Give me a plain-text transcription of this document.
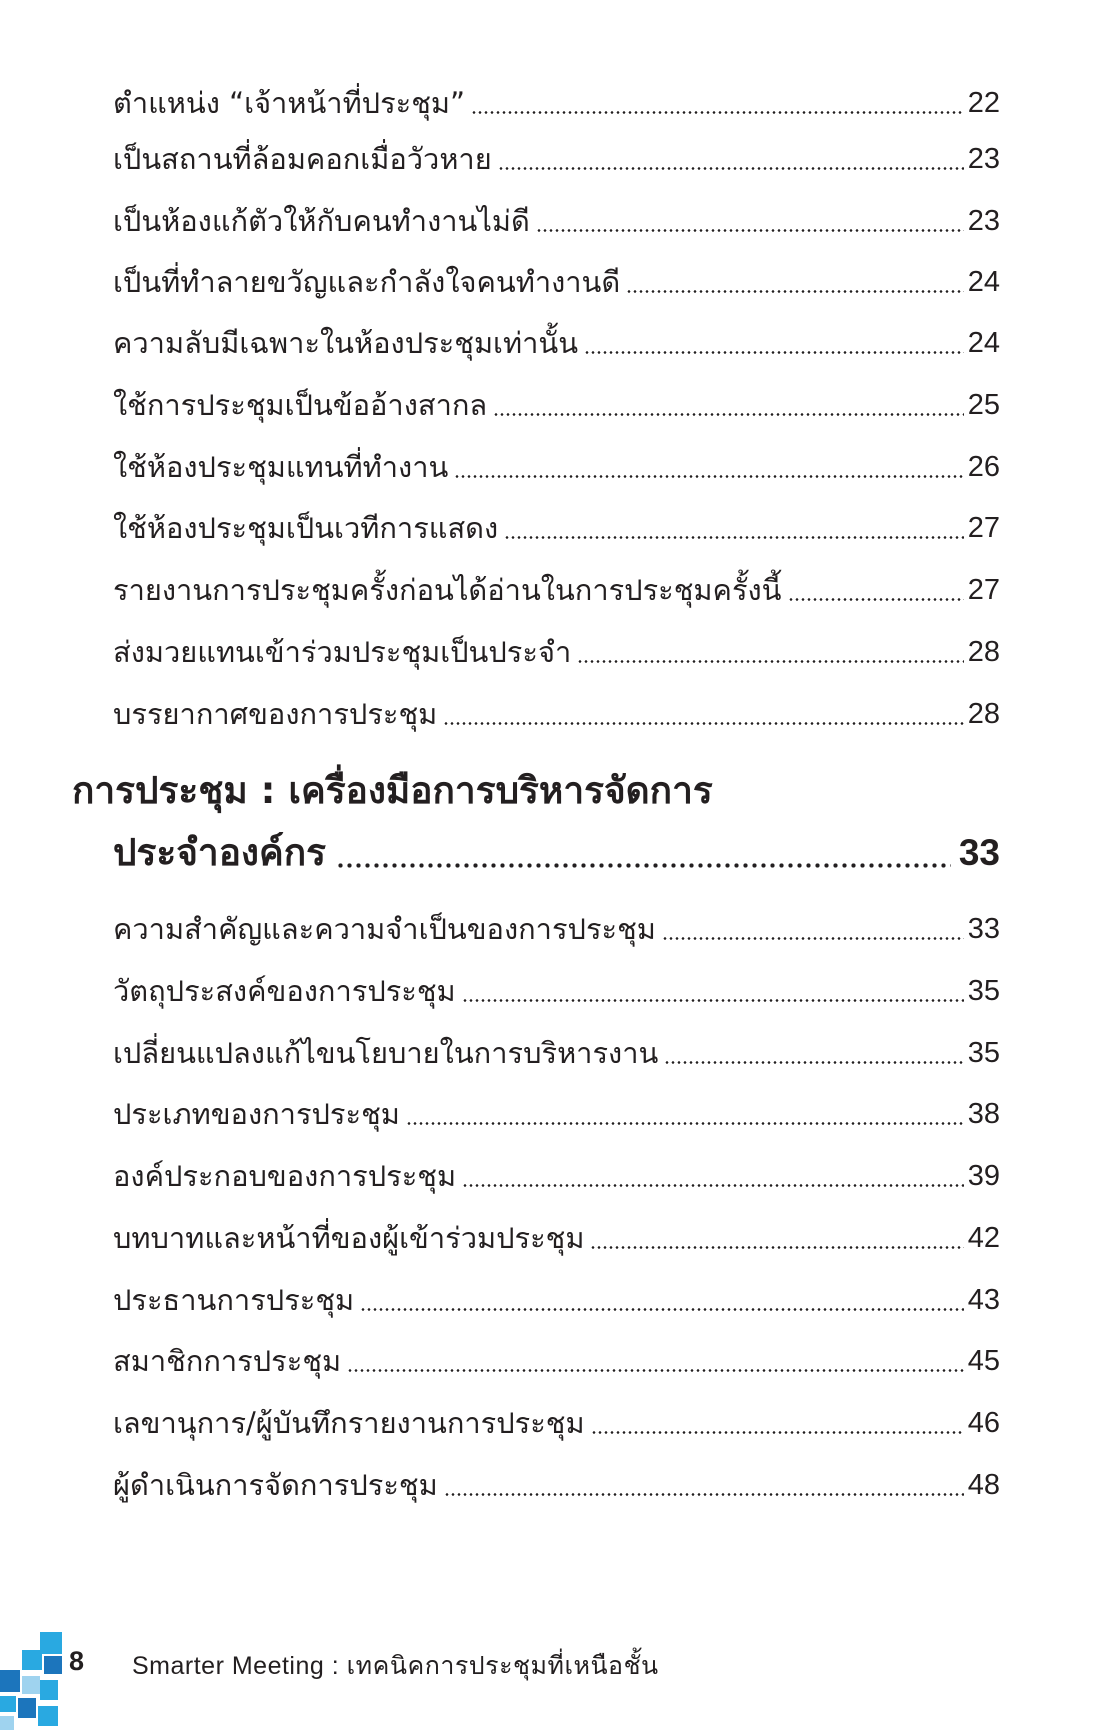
ตำแหน่ง “เจ้าหน้าที่ประชุม”	22
เป็นสถานที่ล้อมคอกเมื่อวัวหาย	23
เป็นห้องแก้ตัวให้กับคนทำงานไม่ดี	23
เป็นที่ทำลายขวัญและกำลังใจคนทำงานดี	24
ความลับมีเฉพาะในห้องประชุมเท่านั้น	24
ใช้การประชุมเป็นข้ออ้างสากล	25
ใช้ห้องประชุมแทนที่ทำงาน	26
ใช้ห้องประชุมเป็นเวทีการแสดง	27
รายงานการประชุมครั้งก่อนได้อ่านในการประชุมครั้งนี้	27
ส่งมวยแทนเข้าร่วมประชุมเป็นประจำ	28
บรรยากาศของการประชุม	28
การประชุม : เครื่องมือการบริหารจัดการ
ประจำองค์กร	33
ความสำคัญและความจำเป็นของการประชุม	33
วัตถุประสงค์ของการประชุม	35
เปลี่ยนแปลงแก้ไขนโยบายในการบริหารงาน	35
ประเภทของการประชุม	38
องค์ประกอบของการประชุม	39
บทบาทและหน้าที่ของผู้เข้าร่วมประชุม	42
ประธานการประชุม	43
สมาชิกการประชุม	45
เลขานุการ/ผู้บันทึกรายงานการประชุม	46
ผู้ดำเนินการจัดการประชุม	48
8 Smarter Meeting : เทคนิคการประชุมที่เหนือชั้น
